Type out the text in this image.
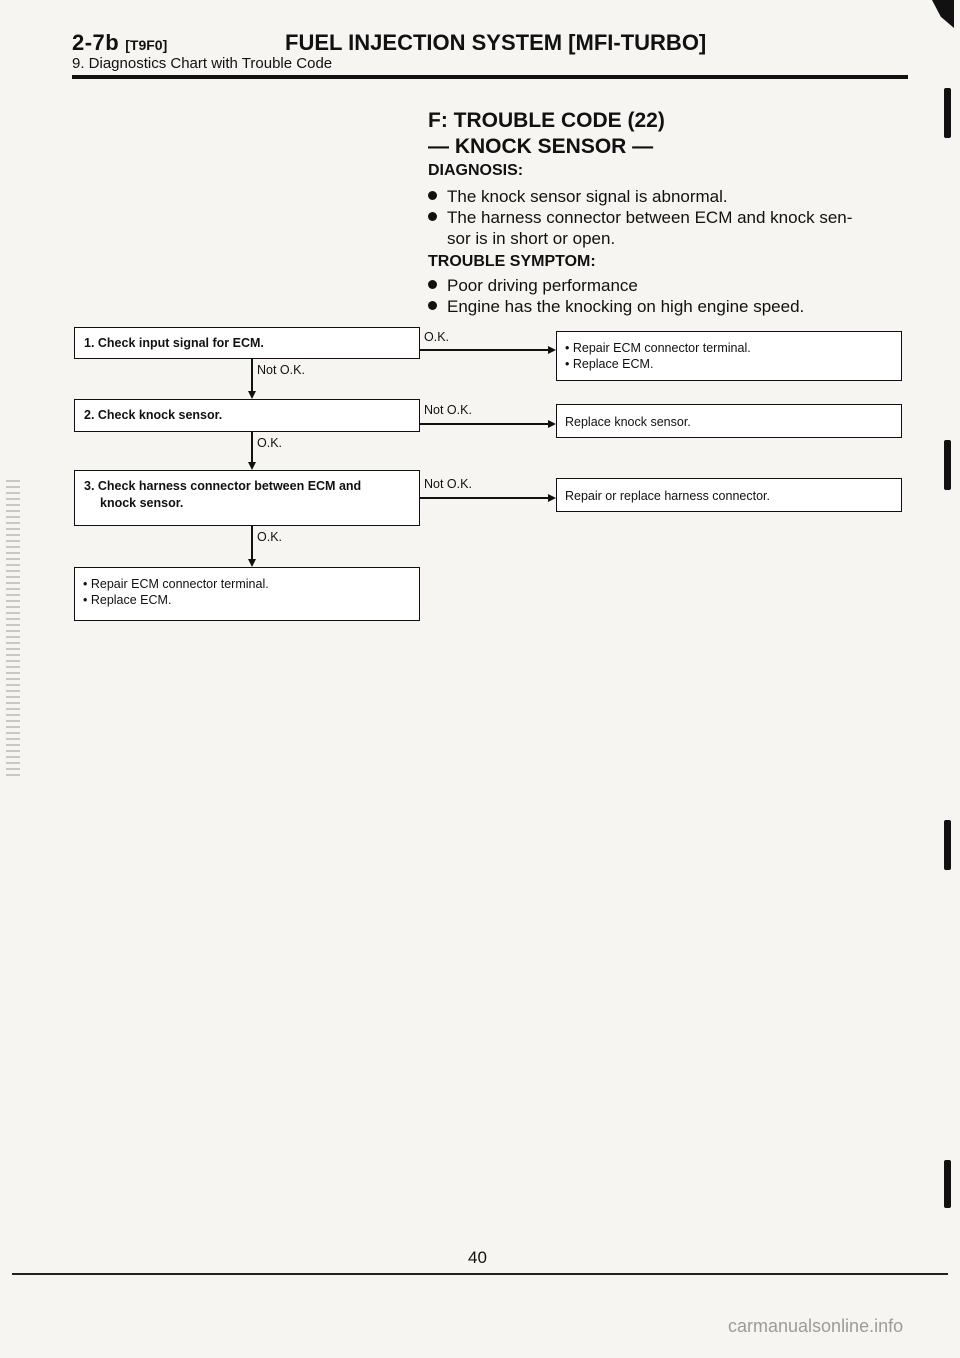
2-7b [T9F0]	FUEL INJECTION SYSTEM [MFI-TURBO]
9. Diagnostics Chart with Trouble Code
F: TROUBLE CODE (22)
— KNOCK SENSOR —
DIAGNOSIS:
The knock sensor signal is abnormal.
The harness connector between ECM and knock sen-
sor is in short or open.
TROUBLE SYMPTOM:
Poor driving performance
Engine has the knocking on high engine speed.
1. Check input signal for ECM.
2. Check knock sensor.
3. Check harness connector between ECM and
knock sensor.
• Repair ECM connector terminal.
• Replace ECM.
Not O.K.
O.K.
O.K.
O.K.
Not O.K.
Not O.K.
• Repair ECM connector terminal.
• Replace ECM.
Replace knock sensor.
Repair or replace harness connector.
40
carmanualsonline.info
